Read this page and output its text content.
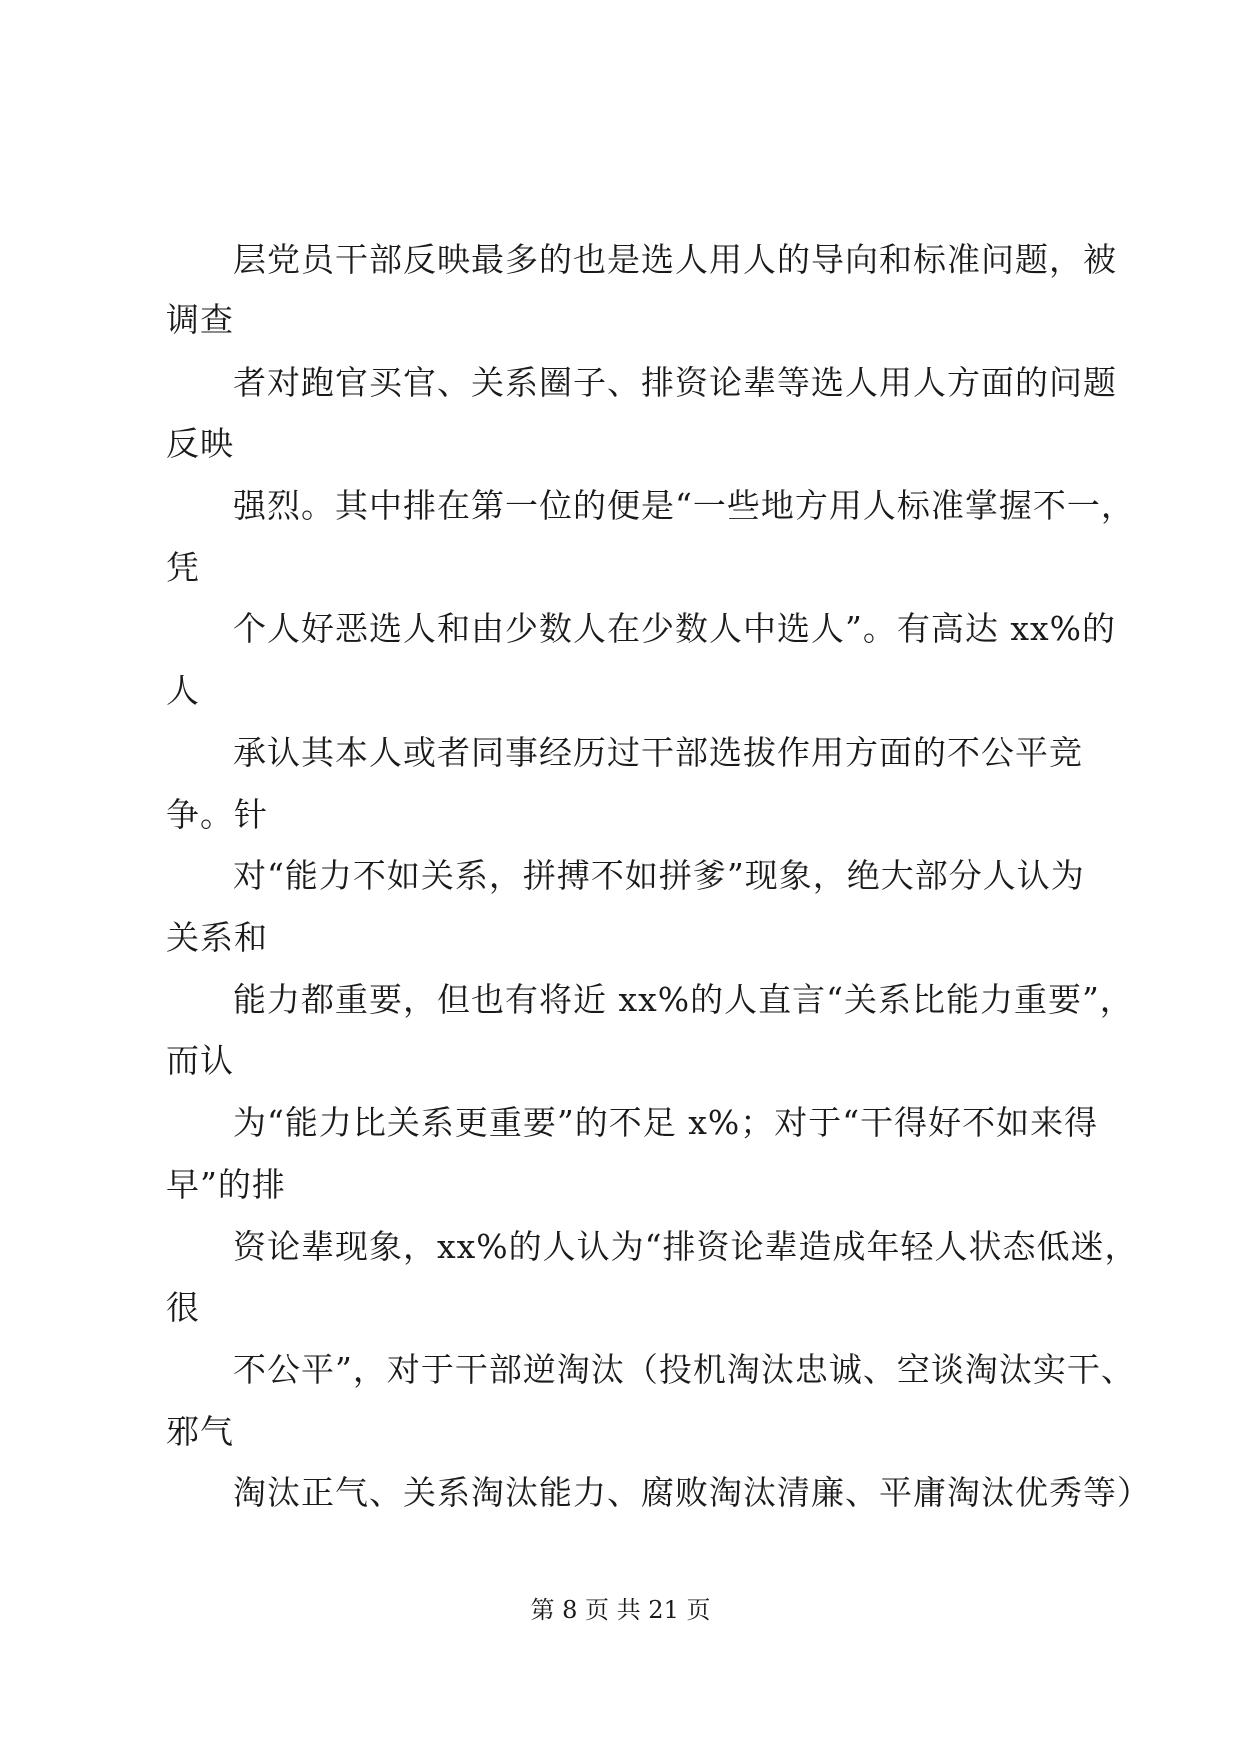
层党员干部反映最多的也是选人用人的导向和标准问题，被
调查
者对跑官买官、关系圈子、排资论辈等选人用人方面的问题
反映
强烈。其中排在第一位的便是“一些地方用人标准掌握不一，
凭
个人好恶选人和由少数人在少数人中选人”。有高达 xx%的
人
承认其本人或者同事经历过干部选拔作用方面的不公平竞
争。针
对“能力不如关系，拼搏不如拼爹”现象，绝大部分人认为
关系和
能力都重要，但也有将近 xx%的人直言“关系比能力重要”，
而认
为“能力比关系更重要”的不足 x%；对于“干得好不如来得
早”的排
资论辈现象，xx%的人认为“排资论辈造成年轻人状态低迷，
很
不公平”，对于干部逆淘汰（投机淘汰忠诚、空谈淘汰实干、
邪气
淘汰正气、关系淘汰能力、腐败淘汰清廉、平庸淘汰优秀等）
第 8 页 共 21 页
